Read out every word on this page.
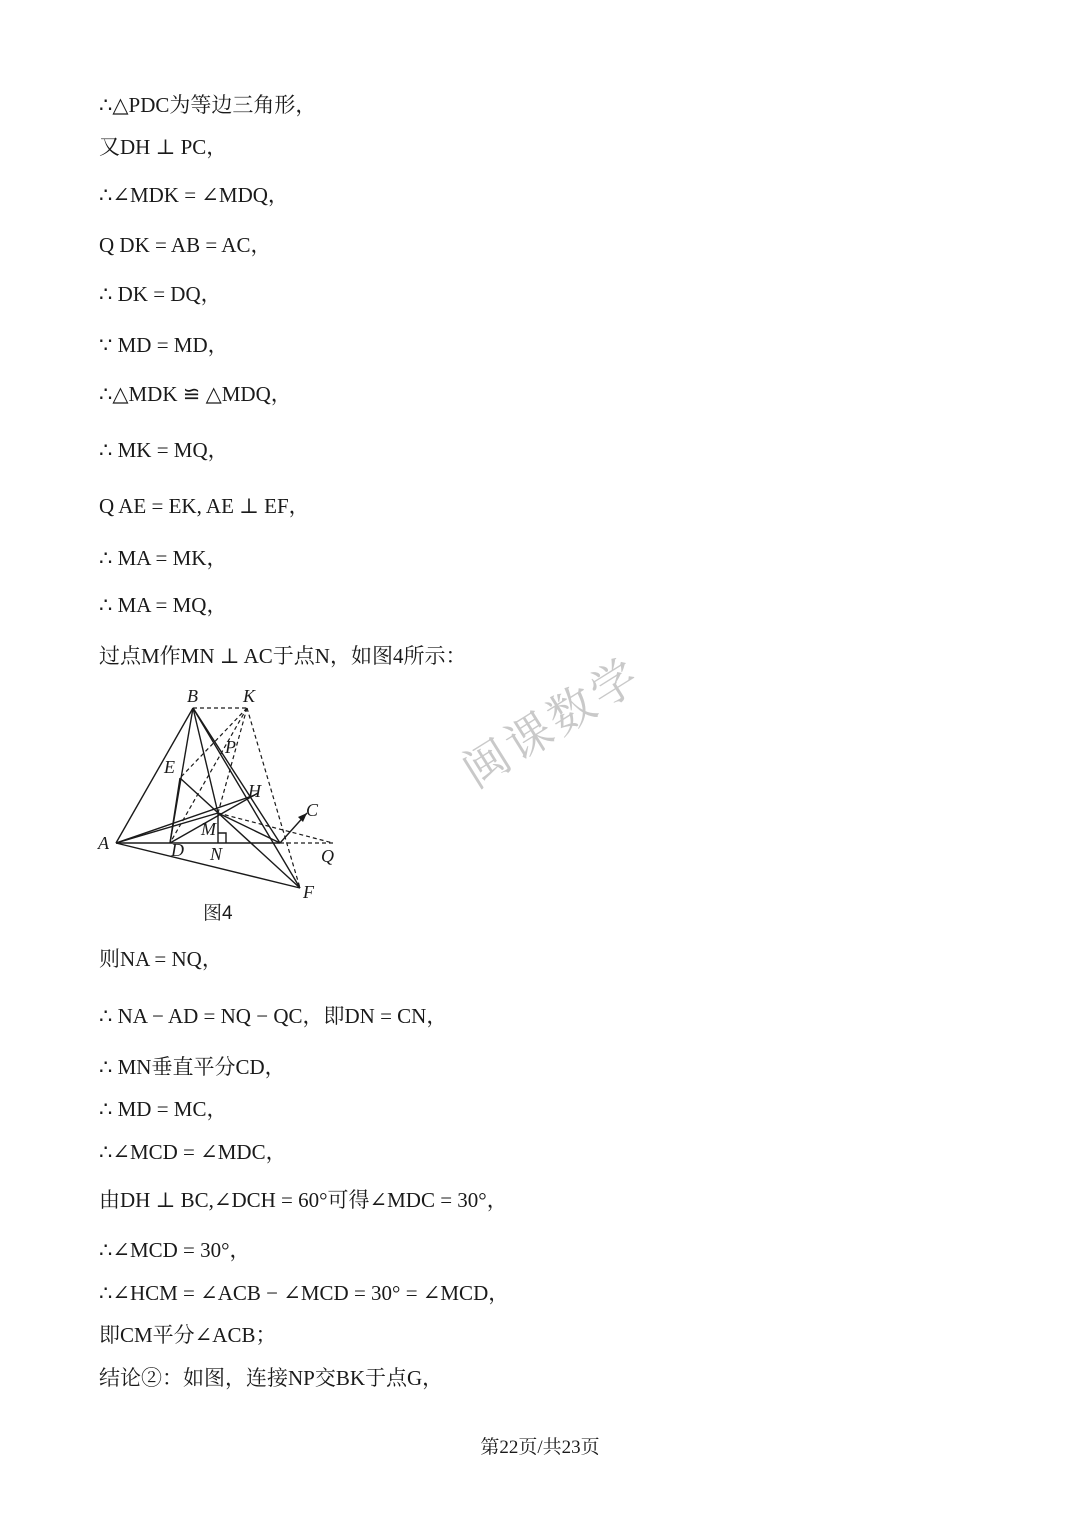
∴△PDC为等边三角形，
又DH ⊥ PC，
∴∠MDK = ∠MDQ，
Q DK = AB = AC，
∴ DK = DQ，
∵ MD = MD，
∴△MDK ≌ △MDQ，
∴ MK = MQ，
Q AE = EK, AE ⊥ EF，
∴ MA = MK，
∴ MA = MQ，
过点M作MN ⊥ AC于点N，如图4所示：
B	K
P
E
H
C
M
A	D N	Q
F
图4
闽课数学
则NA = NQ，
∴ NA − AD = NQ − QC，即DN = CN，
∴ MN垂直平分CD，
∴ MD = MC，
∴∠MCD = ∠MDC，
由DH ⊥ BC,∠DCH = 60°可得∠MDC = 30°，
∴∠MCD = 30°，
∴∠HCM = ∠ACB − ∠MCD = 30° = ∠MCD，
即CM平分∠ACB；
结论②：如图，连接NP交BK于点G，
第22页/共23页
